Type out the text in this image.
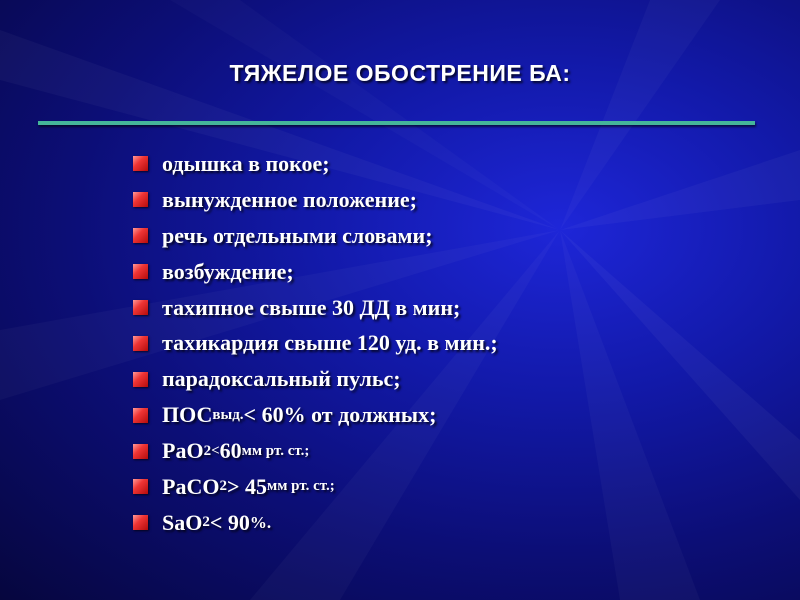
ТЯЖЕЛОЕ ОБОСТРЕНИЕ БА:
одышка в покое;
вынужденное положение;
речь отдельными словами;
возбуждение;
тахипное свыше 30 ДД в мин;
тахикардия свыше 120 уд. в мин.;
парадоксальный пульс;
ПОС выд. < 60% от должных;
PaO 2 < 60 мм рт. ст.;
PaCO 2 > 45 мм рт. ст.;
SaO 2 < 90 %.
